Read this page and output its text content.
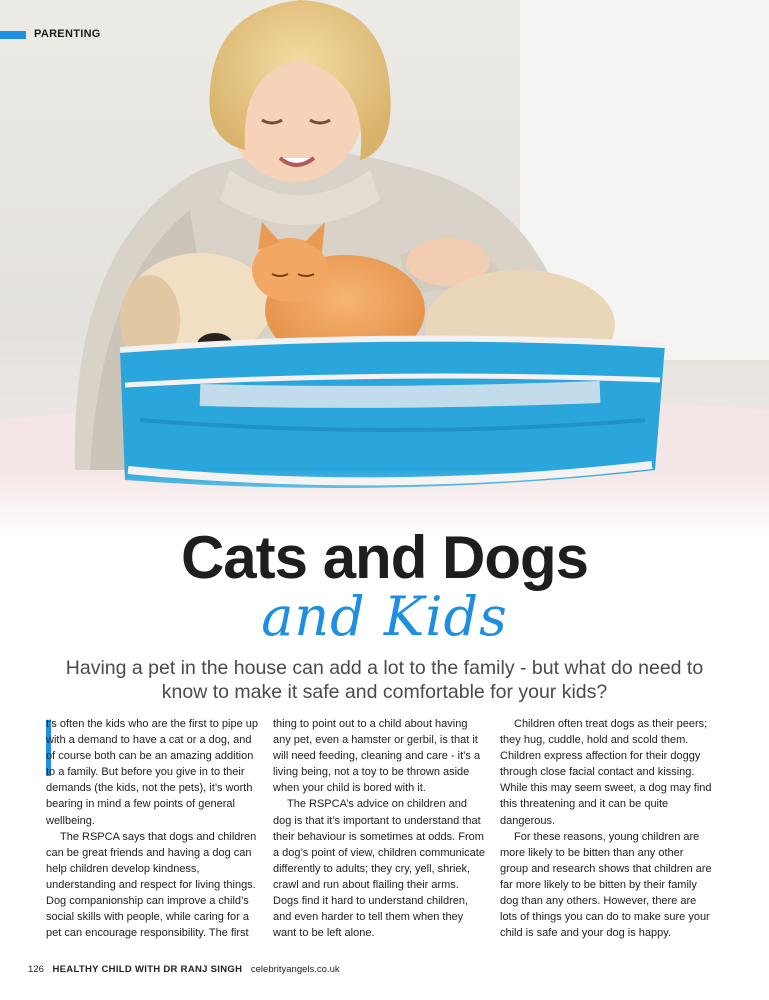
PARENTING
Cats and Dogs
and Kids
Having a pet in the house can add a lot to the family - but what do need to know to make it safe and comfortable for your kids?

t’s often the kids who are the first to pipe up with a demand to have a cat or a dog, and of course both can be an amazing addition to a family. But before you give in to their demands (the kids, not the pets), it’s worth bearing in mind a few points of general wellbeing.

The RSPCA says that dogs and children can be great friends and having a dog can help children develop kindness, understanding and respect for living things. Dog companionship can improve a child’s social skills with people, while caring for a pet can encourage responsibility. The first

thing to point out to a child about having any pet, even a hamster or gerbil, is that it will need feeding, cleaning and care - it’s a living being, not a toy to be thrown aside when your child is bored with it.

The RSPCA’s advice on children and dog is that it’s important to understand that their behaviour is sometimes at odds. From a dog’s point of view, children communicate differently to adults; they cry, yell, shriek, crawl and run about flailing their arms. Dogs find it hard to understand children, and even harder to tell them when they want to be left alone.

Children often treat dogs as their peers; they hug, cuddle, hold and scold them. Children express affection for their doggy through close facial contact and kissing. While this may seem sweet, a dog may find this threatening and it can be quite dangerous.

For these reasons, young children are more likely to be bitten than any other group and research shows that children are far more likely to be bitten by their family dog than any others. However, there are lots of things you can do to make sure your child is safe and your dog is happy.

126 HEALTHY CHILD WITH DR RANJ SINGH celebrityangels.co.uk
